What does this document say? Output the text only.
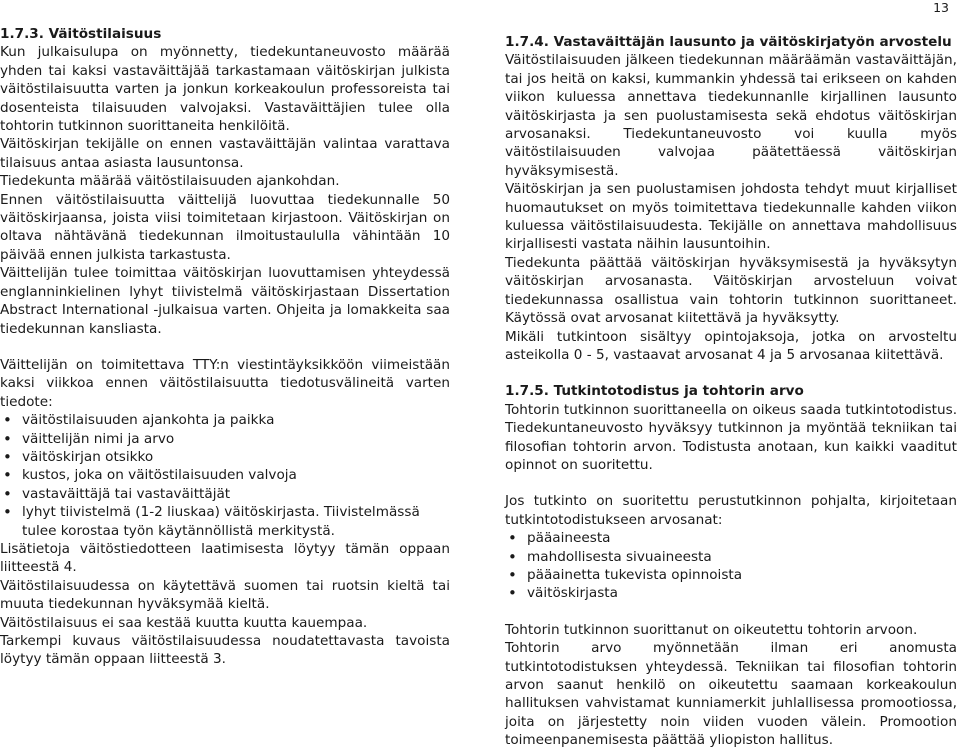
13
1.7.3. Väitöstilaisuus

Kun julkaisulupa on myönnetty, tiedekuntaneuvosto määrää yhden tai kaksi vastaväittäjää tarkastamaan väitöskirjan julkista väitöstilaisuutta varten ja jonkun korkeakoulun professoreista tai dosenteista tilaisuuden valvojaksi. Vastaväittäjien tulee olla tohtorin tutkinnon suorittaneita henkilöitä.

Väitöskirjan tekijälle on ennen vastaväittäjän valintaa varattava tilaisuus antaa asiasta lausuntonsa.

Tiedekunta määrää väitöstilaisuuden ajankohdan.

Ennen väitöstilaisuutta väittelijä luovuttaa tiedekunnalle 50 väitöskirjaansa, joista viisi toimitetaan kirjastoon. Väitöskirjan on oltava nähtävänä tiedekunnan ilmoitustaululla vähintään 10 päivää ennen julkista tarkastusta.

Väittelijän tulee toimittaa väitöskirjan luovuttamisen yhteydessä englanninkielinen lyhyt tiivistelmä väitöskirjastaan Dissertation Abstract International -julkaisua varten. Ohjeita ja lomakkeita saa tiedekunnan kansliasta.

Väittelijän on toimitettava TTY:n viestintäyksikköön viimeistään kaksi viikkoa ennen väitöstilaisuutta tiedotusvälineitä varten tiedote:

• väitöstilaisuuden ajankohta ja paikka
• väittelijän nimi ja arvo
• väitöskirjan otsikko
• kustos, joka on väitöstilaisuuden valvoja
• vastaväittäjä tai vastaväittäjät
• lyhyt tiivistelmä (1-2 liuskaa) väitöskirjasta. Tiivistelmässä tulee korostaa työn käytännöllistä merkitystä.

Lisätietoja väitöstiedotteen laatimisesta löytyy tämän oppaan liitteestä 4.

Väitöstilaisuudessa on käytettävä suomen tai ruotsin kieltä tai muuta tiedekunnan hyväksymää kieltä.

Väitöstilaisuus ei saa kestää kuutta kuutta kauempaa.

Tarkempi kuvaus väitöstilaisuudessa noudatettavasta tavoista löytyy tämän oppaan liitteestä 3.

1.7.4. Vastaväittäjän lausunto ja väitöskirjatyön arvostelu

Väitöstilaisuuden jälkeen tiedekunnan määräämän vastaväittäjän, tai jos heitä on kaksi, kummankin yhdessä tai erikseen on kahden viikon kuluessa annettava tiedekunnanlle kirjallinen lausunto väitöskirjasta ja sen puolustamisesta sekä ehdotus väitöskirjan arvosanaksi. Tiedekuntaneuvosto voi kuulla myös väitöstilaisuuden valvojaa päätettäessä väitöskirjan hyväksymisestä.

Väitöskirjan ja sen puolustamisen johdosta tehdyt muut kirjalliset huomautukset on myös toimitettava tiedekunnalle kahden viikon kuluessa väitöstilaisuudesta. Tekijälle on annettava mahdollisuus kirjallisesti vastata näihin lausuntoihin.

Tiedekunta päättää väitöskirjan hyväksymisestä ja hyväksytyn väitöskirjan arvosanasta. Väitöskirjan arvosteluun voivat tiedekunnassa osallistua vain tohtorin tutkinnon suorittaneet. Käytössä ovat arvosanat kiitettävä ja hyväksytty.

Mikäli tutkintoon sisältyy opintojaksoja, jotka on arvosteltu asteikolla 0 - 5, vastaavat arvosanat 4 ja 5 arvosanaa kiitettävä.

1.7.5. Tutkintotodistus ja tohtorin arvo

Tohtorin tutkinnon suorittaneella on oikeus saada tutkintotodistus. Tiedekuntaneuvosto hyväksyy tutkinnon ja myöntää tekniikan tai filosofian tohtorin arvon. Todistusta anotaan, kun kaikki vaaditut opinnot on suoritettu.

Jos tutkinto on suoritettu perustutkinnon pohjalta, kirjoitetaan tutkintotodistukseen arvosanat:

• pääaineesta
• mahdollisesta sivuaineesta
• pääainetta tukevista opinnoista
• väitöskirjasta

Tohtorin tutkinnon suorittanut on oikeutettu tohtorin arvoon.

Tohtorin arvo myönnetään ilman eri anomusta tutkintotodistuksen yhteydessä. Tekniikan tai filosofian tohtorin arvon saanut henkilö on oikeutettu saamaan korkeakoulun hallituksen vahvistamat kunniamerkit juhlallisessa promootiossa, joita on järjestetty noin viiden vuoden välein. Promootion toimeenpanemisesta päättää yliopiston hallitus.
